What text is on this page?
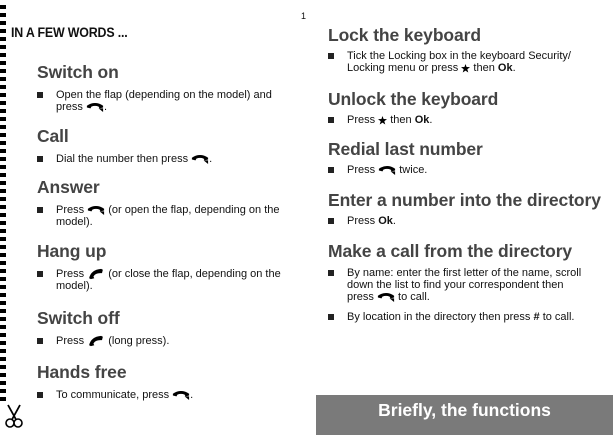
1
IN A FEW WORDS ...
Switch on
Open the flap (depending on the model) and press .
Call
Dial the number then press .
Answer
Press (or open the flap, depending on the model).
Hang up
Press (or close the flap, depending on the model).
Switch off
Press (long press).
Hands free
To communicate, press .
Lock the keyboard
Tick the Locking box in the keyboard Security/ Locking menu or press then Ok.
Unlock the keyboard
Press then Ok.
Redial last number
Press twice.
Enter a number into the directory
Press Ok.
Make a call from the directory
By name: enter the first letter of the name, scroll down the list to find your correspondent then press to call.
By location in the directory then press # to call.
Briefly, the functions
